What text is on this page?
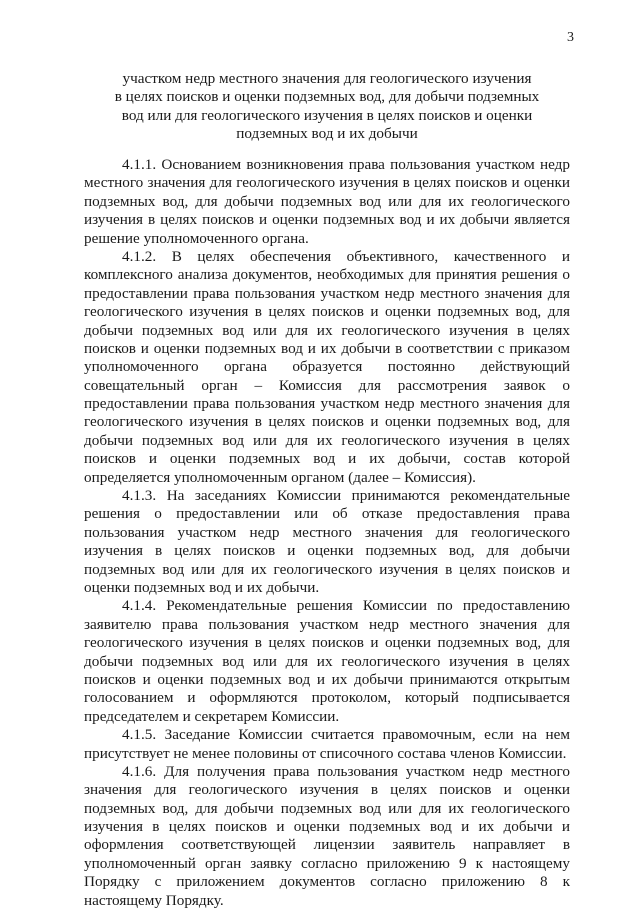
3
участком недр местного значения для геологического изучения
в целях поисков и оценки подземных вод, для добычи подземных
вод или для геологического изучения в целях поисков и оценки
подземных вод и их добычи
4.1.1. Основанием возникновения права пользования участком недр
местного значения для геологического изучения в целях поисков и оценки
подземных вод, для добычи подземных вод или для их геологического
изучения в целях поисков и оценки подземных вод и их добычи является
решение уполномоченного органа.
4.1.2. В целях обеспечения объективного, качественного и
комплексного анализа документов, необходимых для принятия решения о
предоставлении права пользования участком недр местного значения для
геологического изучения в целях поисков и оценки подземных вод, для
добычи подземных вод или для их геологического изучения в целях
поисков и оценки подземных вод и их добычи в соответствии с приказом
уполномоченного органа образуется постоянно действующий
совещательный орган – Комиссия для рассмотрения заявок о
предоставлении права пользования участком недр местного значения для
геологического изучения в целях поисков и оценки подземных вод, для
добычи подземных вод или для их геологического изучения в целях
поисков и оценки подземных вод и их добычи, состав которой
определяется уполномоченным органом (далее – Комиссия).
4.1.3. На заседаниях Комиссии принимаются рекомендательные
решения о предоставлении или об отказе предоставления права
пользования участком недр местного значения для геологического
изучения в целях поисков и оценки подземных вод, для добычи
подземных вод или для их геологического изучения в целях поисков и
оценки подземных вод и их добычи.
4.1.4. Рекомендательные решения Комиссии по предоставлению
заявителю права пользования участком недр местного значения для
геологического изучения в целях поисков и оценки подземных вод, для
добычи подземных вод или для их геологического изучения в целях
поисков и оценки подземных вод и их добычи принимаются открытым
голосованием и оформляются протоколом, который подписывается
председателем и секретарем Комиссии.
4.1.5. Заседание Комиссии считается правомочным, если на нем
присутствует не менее половины от списочного состава членов Комиссии.
4.1.6. Для получения права пользования участком недр местного
значения для геологического изучения в целях поисков и оценки
подземных вод, для добычи подземных вод или для их геологического
изучения в целях поисков и оценки подземных вод и их добычи и
оформления соответствующей лицензии заявитель направляет в
уполномоченный орган заявку согласно приложению 9 к настоящему
Порядку с приложением документов согласно приложению 8 к
настоящему Порядку.
